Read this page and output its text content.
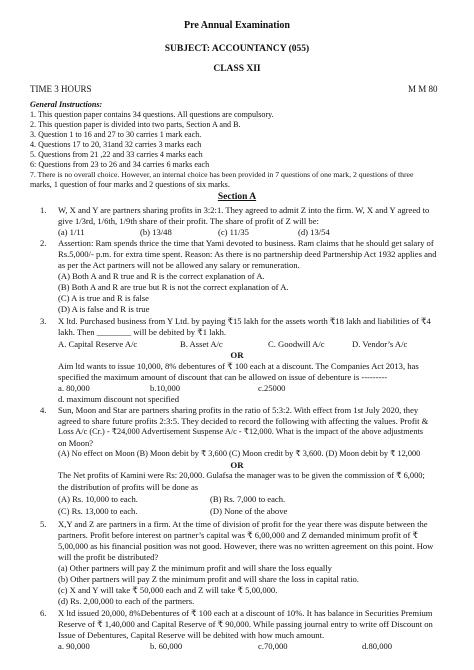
Pre Annual Examination
SUBJECT: ACCOUNTANCY (055)
CLASS XII
TIME 3 HOURS	M M 80
General Instructions:
1. This question paper contains 34 questions. All questions are compulsory.
2. This question paper is divided into two parts, Section A and B.
3. Question 1 to 16 and 27 to 30 carries 1 mark each.
4. Questions 17 to 20, 31and 32 carries 3 marks each
5. Questions from 21 ,22 and 33 carries 4 marks each
6: Questions from 23 to 26 and 34 carries 6 marks each
7. There is no overall choice. However, an internal choice has been provided in 7 questions of one mark, 2 questions of three
marks, 1 question of four marks and 2 questions of six marks.
Section A
1. W, X and Y are partners sharing profits in 3:2:1. They agreed to admit Z into the firm. W, X and Y agreed to
give 1/3rd, 1/6th, 1/9th share of their profit. The share of profit of Z will be:
(a) 1/11	(b) 13/48	(c) 11/35	(d) 13/54
2. Assertion: Ram spends thrice the time that Yami devoted to business. Ram claims that he should get salary of
Rs.5,000/- p.m. for extra time spent. Reason: As there is no partnership deed Partnership Act 1932 applies and
as per the Act partners will not be allowed any salary or remuneration.
(A) Both A and R true and R is the correct explanation of A.
(B) Both A and R are true but R is not the correct explanation of A.
(C) A is true and R is false
(D) A is false and R is true
3. X ltd. Purchased business from Y Ltd. by paying ₹15 lakh for the assets worth ₹18 lakh and liabilities of ₹4
lakh. Then ________ will be debited by ₹1 lakh.
A. Capital Reserve A/c	B. Asset A/c	C. Goodwill A/c	D. Vendor’s A/c
OR
Aim ltd wants to issue 10,000, 8% debentures of ₹ 100 each at a discount. The Companies Act 2013, has
specified the maximum amount of discount that can be allowed on issue of debenture is ---------
a. 80,000	b.10,000	c.25000
d. maximum discount not specified
4. Sun, Moon and Star are partners sharing profits in the ratio of 5:3:2. With effect from 1st July 2020, they
agreed to share future profits 2:3:5. They decided to record the following with affecting the values. Profit &
Loss A/c (Cr.) - ₹24,000 Advertisement Suspense A/c - ₹12,000. What is the impact of the above adjustments
on Moon?
(A) No effect on Moon (B) Moon debit by ₹ 3,600 (C) Moon credit by ₹ 3,600. (D) Moon debit by ₹ 12,000
OR
The Net profits of Kamini were Rs: 20,000. Gulafsa the manager was to be given the commission of ₹ 6,000;
the distribution of profits will be done as
(A) Rs. 10,000 to each.	(B) Rs. 7,000 to each.
(C) Rs. 13,000 to each.	(D) None of the above
5. X,Y and Z are partners in a firm. At the time of division of profit for the year there was dispute between the
partners. Profit before interest on partner’s capital was ₹ 6,00,000 and Z demanded minimum profit of ₹
5,00,000 as his financial position was not good. However, there was no written agreement on this point. How
will the profit be distributed?
(a) Other partners will pay Z the minimum profit and will share the loss equally
(b) Other partners will pay Z the minimum profit and will share the loss in capital ratio.
(c) X and Y will take ₹ 50,000 each and Z will take ₹ 5,00,000.
(d) Rs. 2,00,000 to each of the partners.
6. X ltd issued 20,000, 8%Debentures of ₹ 100 each at a discount of 10%. It has balance in Securities Premium
Reserve of ₹ 1,40,000 and Capital Reserve of ₹ 90,000. While passing journal entry to write off Discount on
Issue of Debentures, Capital Reserve will be debited with how much amount.
a. 90,000	b. 60,000	c.70,000	d.80,000
